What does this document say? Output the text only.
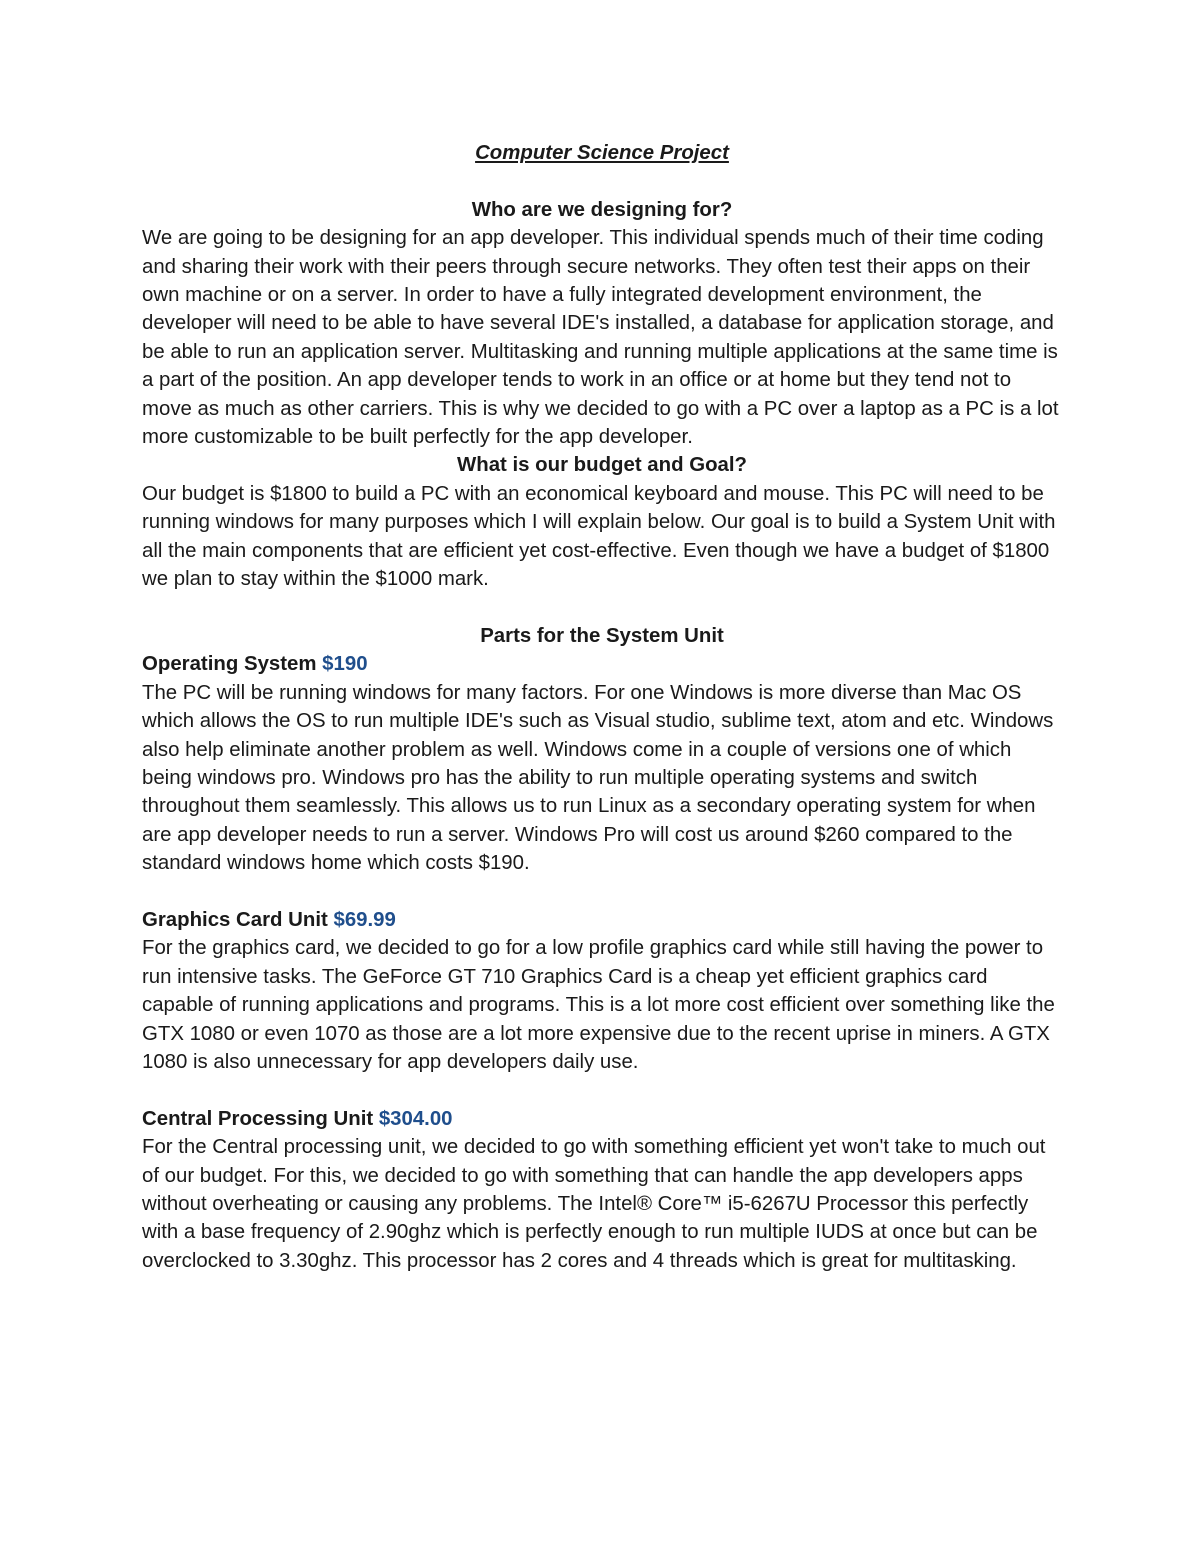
Computer Science Project

Who are we designing for?

We are going to be designing for an app developer. This individual spends much of their time coding and sharing their work with their peers through secure networks. They often test their apps on their own machine or on a server. In order to have a fully integrated development environment, the developer will need to be able to have several IDE's installed, a database for application storage, and be able to run an application server. Multitasking and running multiple applications at the same time is a part of the position. An app developer tends to work in an office or at home but they tend not to move as much as other carriers. This is why we decided to go with a PC over a laptop as a PC is a lot more customizable to be built perfectly for the app developer.

What is our budget and Goal?

Our budget is $1800 to build a PC with an economical keyboard and mouse. This PC will need to be running windows for many purposes which I will explain below. Our goal is to build a System Unit with all the main components that are efficient yet cost-effective. Even though we have a budget of $1800 we plan to stay within the $1000 mark.

Parts for the System Unit

Operating System $190

The PC will be running windows for many factors. For one Windows is more diverse than Mac OS which allows the OS to run multiple IDE's such as Visual studio, sublime text, atom and etc. Windows also help eliminate another problem as well. Windows come in a couple of versions one of which being windows pro. Windows pro has the ability to run multiple operating systems and switch throughout them seamlessly. This allows us to run Linux as a secondary operating system for when are app developer needs to run a server. Windows Pro will cost us around $260 compared to the standard windows home which costs $190.

Graphics Card Unit $69.99

For the graphics card, we decided to go for a low profile graphics card while still having the power to run intensive tasks. The GeForce GT 710 Graphics Card is a cheap yet efficient graphics card capable of running applications and programs. This is a lot more cost efficient over something like the GTX 1080 or even 1070 as those are a lot more expensive due to the recent uprise in miners. A GTX 1080 is also unnecessary for app developers daily use.

Central Processing Unit $304.00

For the Central processing unit, we decided to go with something efficient yet won't take to much out of our budget. For this, we decided to go with something that can handle the app developers apps without overheating or causing any problems. The Intel® Core™ i5-6267U Processor this perfectly with a base frequency of 2.90ghz which is perfectly enough to run multiple IUDS at once but can be overclocked to 3.30ghz. This processor has 2 cores and 4 threads which is great for multitasking.
